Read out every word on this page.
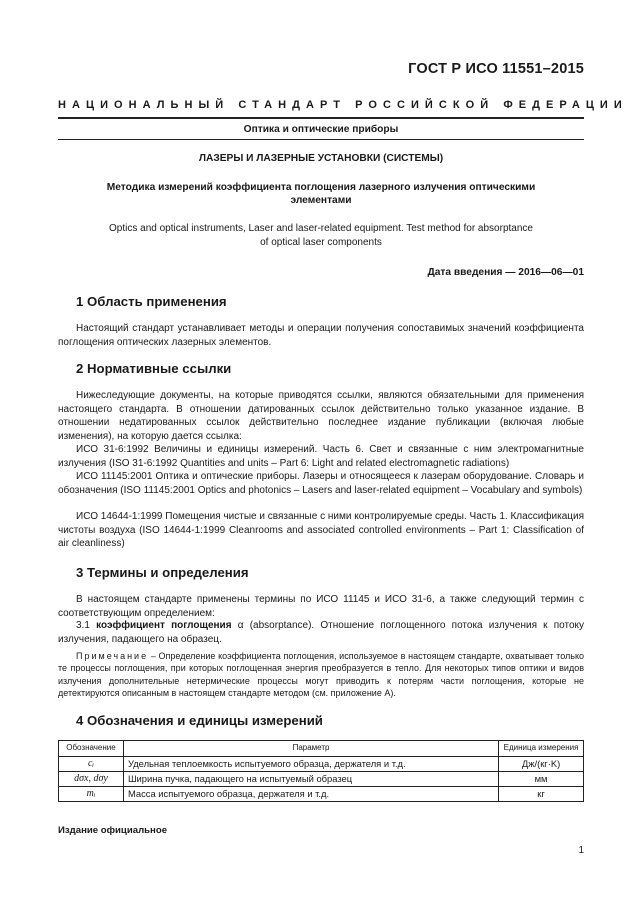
ГОСТ Р ИСО 11551–2015
НАЦИОНАЛЬНЫЙ СТАНДАРТ РОССИЙСКОЙ ФЕДЕРАЦИИ
Оптика и оптические приборы
ЛАЗЕРЫ И ЛАЗЕРНЫЕ УСТАНОВКИ (СИСТЕМЫ)
Методика измерений коэффициента поглощения лазерного излучения оптическими
элементами
Optics and optical instruments, Laser and laser-related equipment. Test method for absorptance
of optical laser components
Дата введения — 2016—06—01
1 Область применения

Настоящий стандарт устанавливает методы и операции получения сопоставимых значений коэффициента поглощения оптических лазерных элементов.

2 Нормативные ссылки

Нижеследующие документы, на которые приводятся ссылки, являются обязательными для применения настоящего стандарта. В отношении датированных ссылок действительно только указанное издание. В отношении недатированных ссылок действительно последнее издание публикации (включая любые изменения), на которую дается ссылка:

ИСО 31-6:1992 Величины и единицы измерений. Часть 6. Свет и связанные с ним электромагнитные излучения (ISO 31-6:1992 Quantities and units – Part 6: Light and related electromagnetic radiations)

ИСО 11145:2001 Оптика и оптические приборы. Лазеры и относящееся к лазерам оборудование. Словарь и обозначения (ISO 11145:2001 Optics and photonics – Lasers and laser-related equipment – Vocabulary and symbols)

ИСО 14644-1:1999 Помещения чистые и связанные с ними контролируемые среды. Часть 1. Классификация чистоты воздуха (ISO 14644-1:1999 Cleanrooms and associated controlled environments – Part 1: Classification of air cleanliness)

3 Термины и определения

В настоящем стандарте применены термины по ИСО 11145 и ИСО 31-6, а также следующий термин с соответствующим определением:

3.1 коэффициент поглощения α (absorptance). Отношение поглощенного потока излучения к потоку излучения, падающего на образец.

Примечание – Определение коэффициента поглощения, используемое в настоящем стандарте, охватывает только те процессы поглощения, при которых поглощенная энергия преобразуется в тепло. Для некоторых типов оптики и видов излучения дополнительные нетермические процессы могут приводить к потерям части поглощения, которые не детектируются описанным в настоящем стандарте методом (см. приложение А).

4 Обозначения и единицы измерений
Обозначение	Параметр	Единица измерения
cᵢ	Удельная теплоемкость испытуемого образца, держателя и т.д.	Дж/(кг·K)
dσx, dσy	Ширина пучка, падающего на испытуемый образец	мм
mᵢ	Масса испытуемого образца, держателя и т.д.	кг
Издание официальное
1
